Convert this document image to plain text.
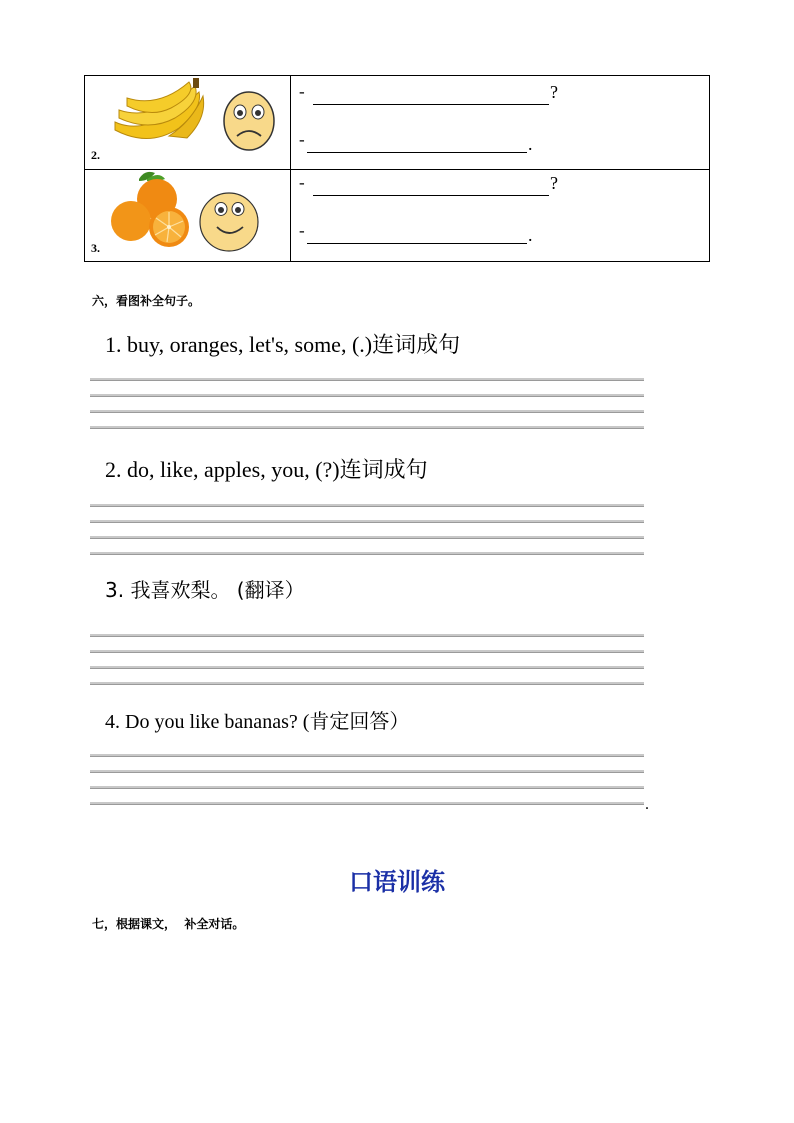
2.
-	?
-	.
3.
-	?
-	.
六，看图补全句子。
1. buy, oranges, let's, some, (.)连词成句
2. do, like, apples, you, (?)连词成句
3. 我喜欢梨。 (翻译）
4. Do you like bananas? (肯定回答）
.
口语训练
七，根据课文，  补全对话。
